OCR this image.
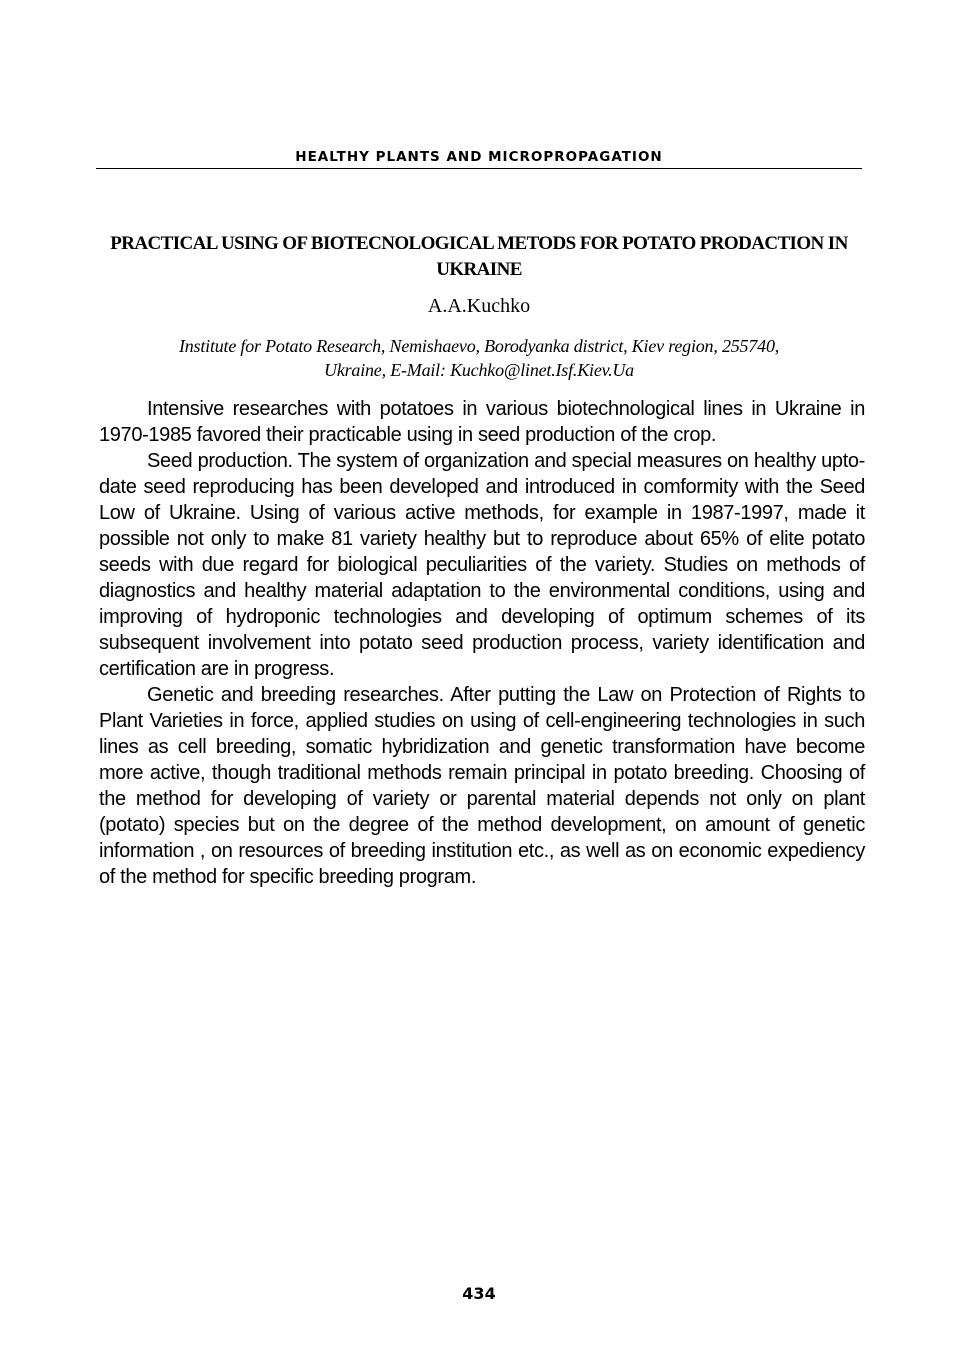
HEALTHY PLANTS AND MICROPROPAGATION
PRACTICAL USING OF BIOTECNOLOGICAL METODS FOR POTATO PRODACTION IN UKRAINE
A.A.Kuchko
Institute for Potato Research, Nemishaevo, Borodyanka district, Kiev region, 255740,
Ukraine, E-Mail: Kuchko@linet.Isf.Kiev.Ua

Intensive researches with potatoes in various biotechnological lines in Ukraine in 1970-1985 favored their practicable using in seed production of the crop.

Seed production. The system of organization and special measures on healthy upto-date seed reproducing has been developed and introduced in comformity with the Seed Low of Ukraine. Using of various active methods, for example in 1987-1997, made it possible not only to make 81 variety healthy but to reproduce about 65% of elite potato seeds with due regard for biological peculiarities of the variety. Studies on methods of diagnostics and healthy material adaptation to the environmental conditions, using and improving of hydroponic technologies and developing of optimum schemes of its subsequent involvement into potato seed production process, variety identification and certification are in progress.

Genetic and breeding researches. After putting the Law on Protection of Rights to Plant Varieties in force, applied studies on using of cell-engineering technologies in such lines as cell breeding, somatic hybridization and genetic transformation have become more active, though traditional methods remain principal in potato breeding. Choosing of the method for developing of variety or parental material depends not only on plant (potato) species but on the degree of the method development, on amount of genetic information , on resources of breeding institution etc., as well as on economic expediency of the method for specific breeding program.

434
